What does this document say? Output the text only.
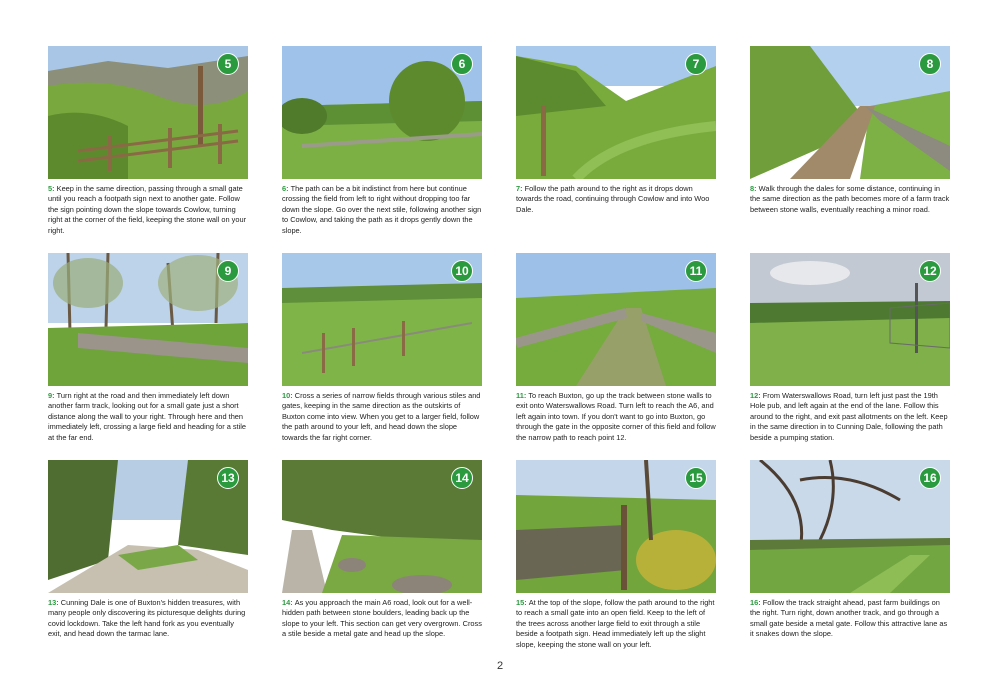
5
5: Keep in the same direction, passing through a small gate until you reach a footpath sign next to another gate. Follow the sign pointing down the slope towards Cowlow, turning right at the corner of the field, keeping the stone wall on your right.
6
6: The path can be a bit indistinct from here but continue crossing the field from left to right without dropping too far down the slope. Go over the next stile, following another sign to Cowlow, and taking the path as it drops gently down the slope.
7
7: Follow the path around to the right as it drops down towards the road, continuing through Cowlow and into Woo Dale.
8
8: Walk through the dales for some distance, continuing in the same direction as the path becomes more of a farm track between stone walls, eventually reaching a minor road.
9
9: Turn right at the road and then immediately left down another farm track, looking out for a small gate just a short distance along the wall to your right. Through here and then immediately left, crossing a large field and heading for a stile at the far end.
10
10: Cross a series of narrow fields through various stiles and gates, keeping in the same direction as the outskirts of Buxton come into view. When you get to a larger field, follow the path around to your left, and head down the slope towards the far right corner.
11
11: To reach Buxton, go up the track between stone walls to exit onto Waterswallows Road. Turn left to reach the A6, and left again into town. If you don't want to go into Buxton, go through the gate in the opposite corner of this field and follow the narrow path to reach point 12.
12
12: From Waterswallows Road, turn left just past the 19th Hole pub, and left again at the end of the lane. Follow this around to the right, and exit past allotments on the left. Keep in the same direction in to Cunning Dale, following the path beside a pumping station.
13
13: Cunning Dale is one of Buxton's hidden treasures, with many people only discovering its picturesque delights during covid lockdown. Take the left hand fork as you eventually exit, and head down the tarmac lane.
14
14: As you approach the main A6 road, look out for a well-hidden path between stone boulders, leading back up the slope to your left. This section can get very overgrown. Cross a stile beside a metal gate and head up the slope.
15
15: At the top of the slope, follow the path around to the right to reach a small gate into an open field. Keep to the left of the trees across another large field to exit through a stile beside a footpath sign. Head immediately left up the slight slope, keeping the stone wall on your left.
16
16: Follow the track straight ahead, past farm buildings on the right. Turn right, down another track, and go through a small gate beside a metal gate. Follow this attractive lane as it snakes down the slope.
2
